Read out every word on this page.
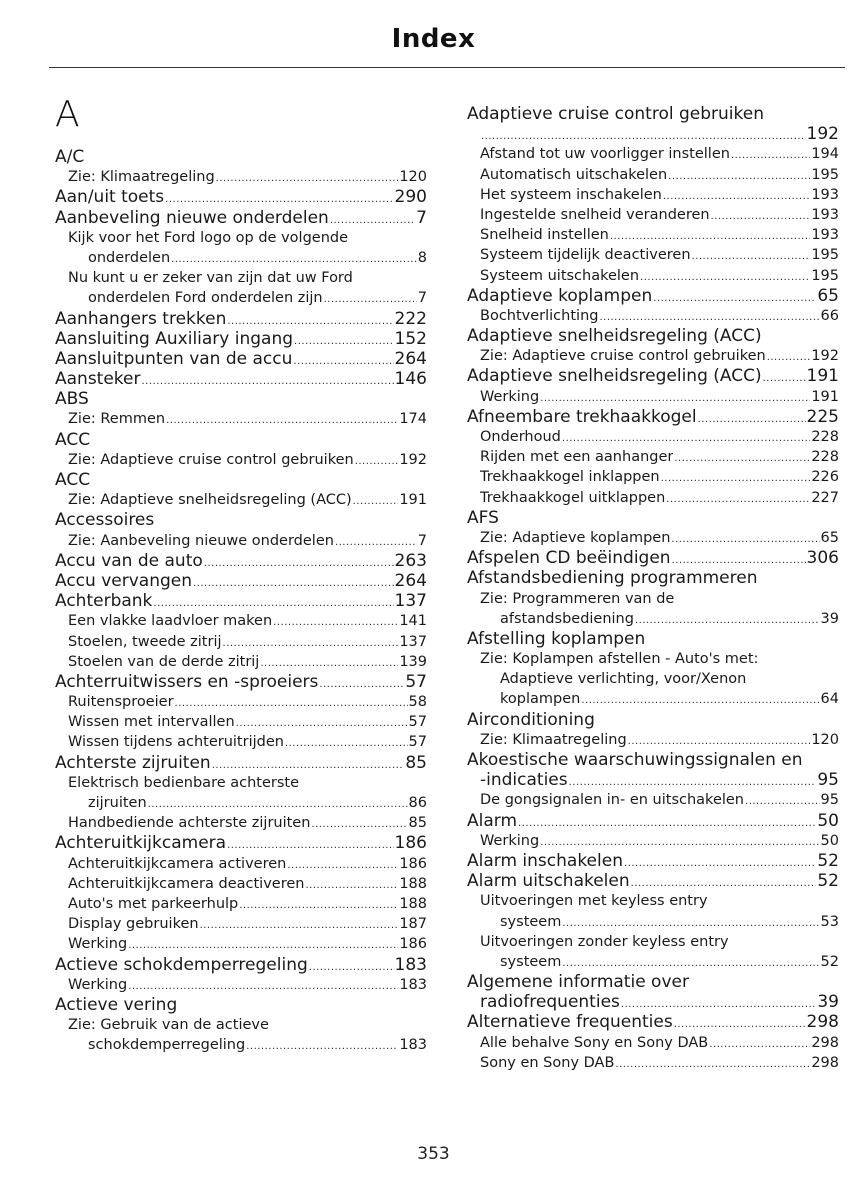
Index
A
A/C
Zie: Klimaatregeling .....	120
Aan/uit toets .....	290
Aanbeveling nieuwe onderdelen .....	7
Kijk voor het Ford logo op de volgende
onderdelen .....	8
Nu kunt u er zeker van zijn dat uw Ford
onderdelen Ford onderdelen zijn .....	7
Aanhangers trekken .....	222
Aansluiting Auxiliary ingang .....	152
Aansluitpunten van de accu .....	264
Aansteker .....	146
ABS
Zie: Remmen .....	174
ACC
Zie: Adaptieve cruise control gebruiken .....	192
ACC
Zie: Adaptieve snelheidsregeling (ACC) .....	191
Accessoires
Zie: Aanbeveling nieuwe onderdelen .....	7
Accu van de auto .....	263
Accu vervangen .....	264
Achterbank .....	137
Een vlakke laadvloer maken .....	141
Stoelen, tweede zitrij .....	137
Stoelen van de derde zitrij .....	139
Achterruitwissers en -sproeiers .....	57
Ruitensproeier .....	58
Wissen met intervallen .....	57
Wissen tijdens achteruitrijden .....	57
Achterste zijruiten .....	85
Elektrisch bedienbare achterste
zijruiten .....	86
Handbediende achterste zijruiten .....	85
Achteruitkijkcamera .....	186
Achteruitkijkcamera activeren .....	186
Achteruitkijkcamera deactiveren .....	188
Auto's met parkeerhulp .....	188
Display gebruiken .....	187
Werking .....	186
Actieve schokdemperregeling .....	183
Werking .....	183
Actieve vering
Zie: Gebruik van de actieve
schokdemperregeling .....	183
Adaptieve cruise control gebruiken
.....
192
Afstand tot uw voorligger instellen .....	194
Automatisch uitschakelen .....	195
Het systeem inschakelen .....	193
Ingestelde snelheid veranderen .....	193
Snelheid instellen .....	193
Systeem tijdelijk deactiveren .....	195
Systeem uitschakelen .....	195
Adaptieve koplampen .....	65
Bochtverlichting .....	66
Adaptieve snelheidsregeling (ACC)
Zie: Adaptieve cruise control gebruiken .....	192
Adaptieve snelheidsregeling (ACC) .....	191
Werking .....	191
Afneembare trekhaakkogel .....	225
Onderhoud .....	228
Rijden met een aanhanger .....	228
Trekhaakkogel inklappen .....	226
Trekhaakkogel uitklappen .....	227
AFS
Zie: Adaptieve koplampen .....	65
Afspelen CD beëindigen .....	306
Afstandsbediening programmeren
Zie: Programmeren van de
afstandsbediening .....	39
Afstelling koplampen
Zie: Koplampen afstellen - Auto's met:
Adaptieve verlichting, voor/Xenon
koplampen .....	64
Airconditioning
Zie: Klimaatregeling .....	120
Akoestische waarschuwingssignalen en
-indicaties .....	95
De gongsignalen in- en uitschakelen .....	95
Alarm .....	50
Werking .....	50
Alarm inschakelen .....	52
Alarm uitschakelen .....	52
Uitvoeringen met keyless entry
systeem .....	53
Uitvoeringen zonder keyless entry
systeem .....	52
Algemene informatie over
radiofrequenties .....	39
Alternatieve frequenties .....	298
Alle behalve Sony en Sony DAB .....	298
Sony en Sony DAB .....	298
353
